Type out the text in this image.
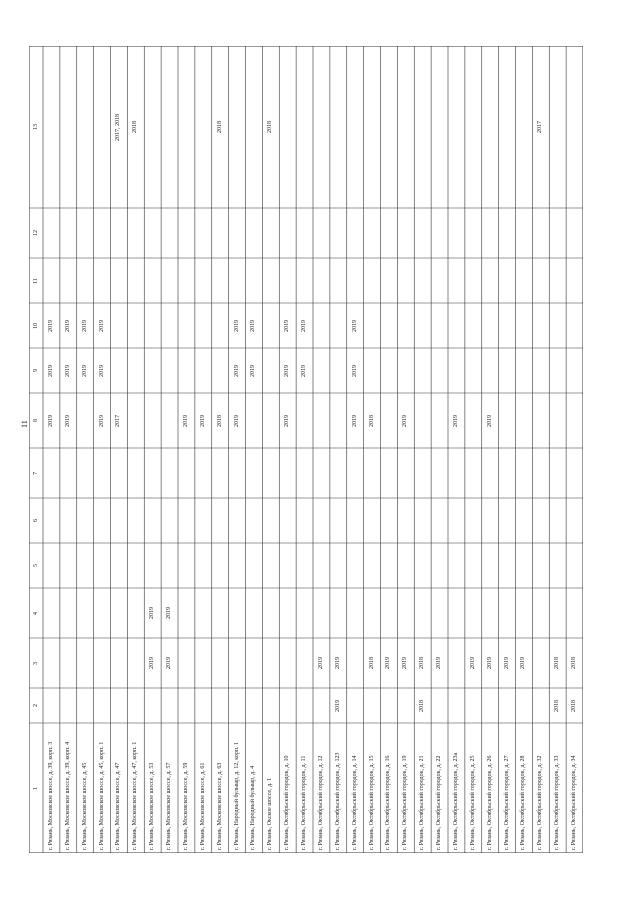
11
1
2
3
4
5
6
7
8
9
10
11
12
13
г. Рязань, Московское шоссе, д. 39, корп. 3
2019
2019
2019
г. Рязань, Московское шоссе, д. 39, корп. 4
2019
2019
2019
г. Рязань, Московское шоссе, д. 45
2019
2019
г. Рязань, Московское шоссе, д. 45, корп. 1
2019
2019
2019
г. Рязань, Московское шоссе, д. 47
2017
2017, 2018
г. Рязань, Московское шоссе, д. 47, корп. 1
2018
г. Рязань, Московское шоссе, д. 53
2019
2019
г. Рязань, Московское шоссе, д. 57
2019
2019
г. Рязань, Московское шоссе, д. 59
2019
г. Рязань, Московское шоссе, д. 61
2019
г. Рязань, Московское шоссе, д. 63
2018
2018
г. Рязань, Народный бульвар, д. 12, корп. 1
2019
2019
2019
г. Рязань, Народный бульвар, д. 4
2019
2019
г. Рязань, Окское шоссе, д. 1
2018
г. Рязань, Октябрьский городок, д. 10
2019
2019
2019
г. Рязань, Октябрьский городок, д. 11
2019
2019
г. Рязань, Октябрьский городок, д. 12
2019
г. Рязань, Октябрьский городок, д. 123
2019
2019
г. Рязань, Октябрьский городок, д. 14
2019
2019
2019
г. Рязань, Октябрьский городок, д. 15
2018
2018
г. Рязань, Октябрьский городок, д. 16
2019
г. Рязань, Октябрьский городок, д. 19
2019
2019
г. Рязань, Октябрьский городок, д. 21
2018
2018
г. Рязань, Октябрьский городок, д. 22
2019
г. Рязань, Октябрьский городок, д. 23а
2019
г. Рязань, Октябрьский городок, д. 25
2019
г. Рязань, Октябрьский городок, д. 26
2019
2019
г. Рязань, Октябрьский городок, д. 27
2019
г. Рязань, Октябрьский городок, д. 28
2019
г. Рязань, Октябрьский городок, д. 32
2017
г. Рязань, Октябрьский городок, д. 33
2018
2018
г. Рязань, Октябрьский городок, д. 34
2018
2018
